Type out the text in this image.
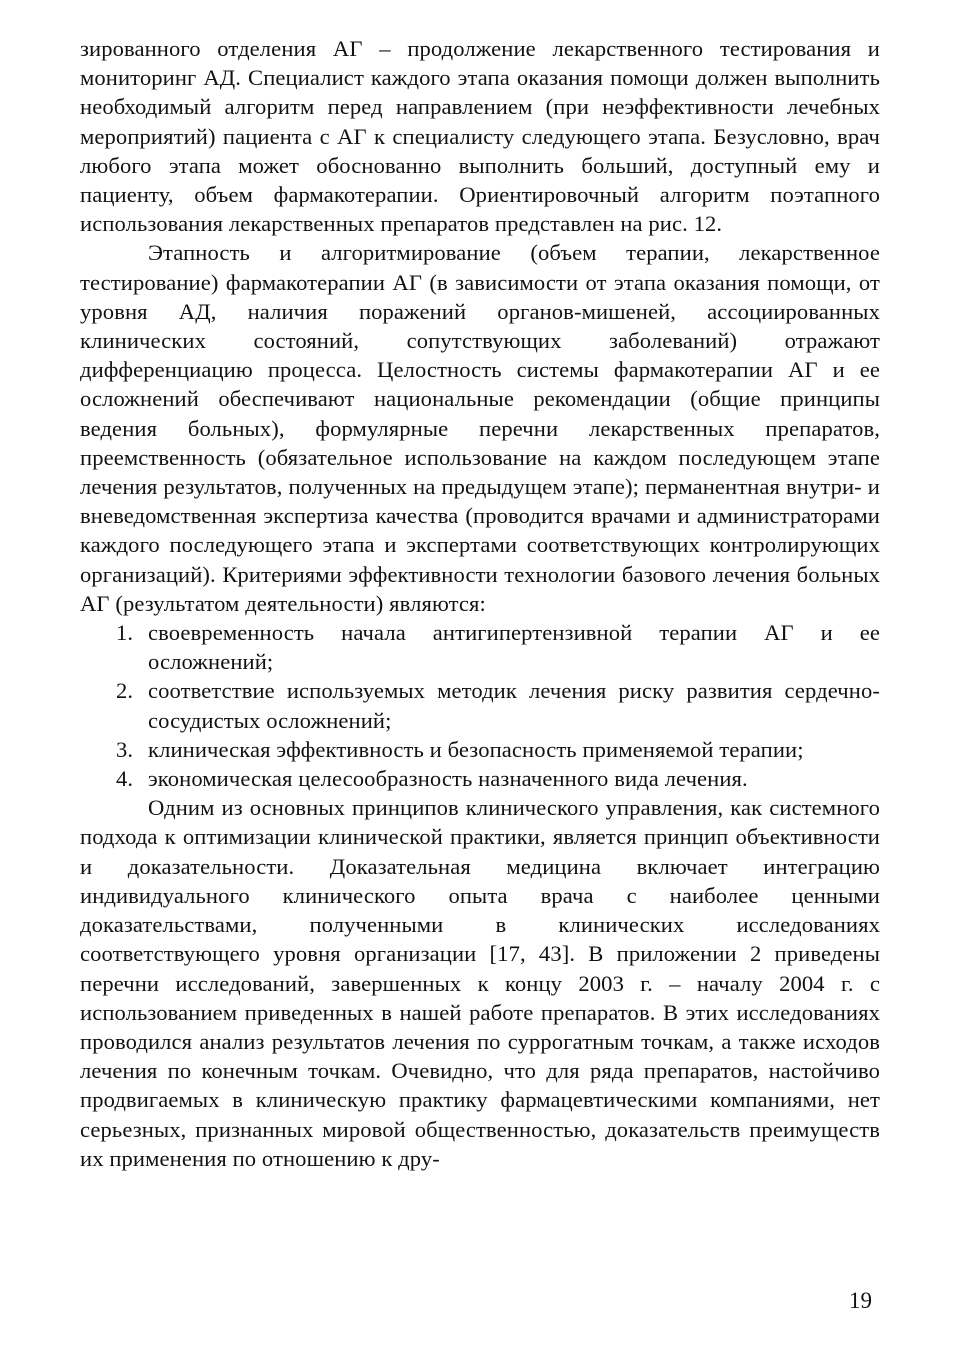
зированного отделения АГ – продолжение лекарственного тестирования и мониторинг АД. Специалист каждого этапа оказания помощи должен выполнить необходимый алгоритм перед направлением (при неэффективности лечебных мероприятий) пациента с АГ к специалисту следующего этапа. Безусловно, врач любого этапа может обоснованно выполнить больший, доступный ему и пациенту, объем фармакотерапии. Ориентировочный алгоритм поэтапного использования лекарственных препаратов представлен на рис. 12.

Этапность и алгоритмирование (объем терапии, лекарственное тестирование) фармакотерапии АГ (в зависимости от этапа оказания помощи, от уровня АД, наличия поражений органов-мишеней, ассоциированных клинических состояний, сопутствующих заболеваний) отражают дифференциацию процесса. Целостность системы фармакотерапии АГ и ее осложнений обеспечивают национальные рекомендации (общие принципы ведения больных), формулярные перечни лекарственных препаратов, преемственность (обязательное использование на каждом последующем этапе лечения результатов, полученных на предыдущем этапе); перманентная внутри- и вневедомственная экспертиза качества (проводится врачами и администраторами каждого последующего этапа и экспертами соответствующих контролирующих организаций). Критериями эффективности технологии базового лечения больных АГ (результатом деятельности) являются:

1. своевременность начала антигипертензивной терапии АГ и ее осложнений;
2. соответствие используемых методик лечения риску развития сердечно-сосудистых осложнений;
3. клиническая эффективность и безопасность применяемой терапии;
4. экономическая целесообразность назначенного вида лечения.

Одним из основных принципов клинического управления, как системного подхода к оптимизации клинической практики, является принцип объективности и доказательности. Доказательная медицина включает интеграцию индивидуального клинического опыта врача с наиболее ценными доказательствами, полученными в клинических исследованиях соответствующего уровня организации [17, 43]. В приложении 2 приведены перечни исследований, завершенных к концу 2003 г. – началу 2004 г. с использованием приведенных в нашей работе препаратов. В этих исследованиях проводился анализ результатов лечения по суррогатным точкам, а также исходов лечения по конечным точкам. Очевидно, что для ряда препаратов, настойчиво продвигаемых в клиническую практику фармацевтическими компаниями, нет серьезных, признанных мировой общественностью, доказательств преимуществ их применения по отношению к дру-

19
